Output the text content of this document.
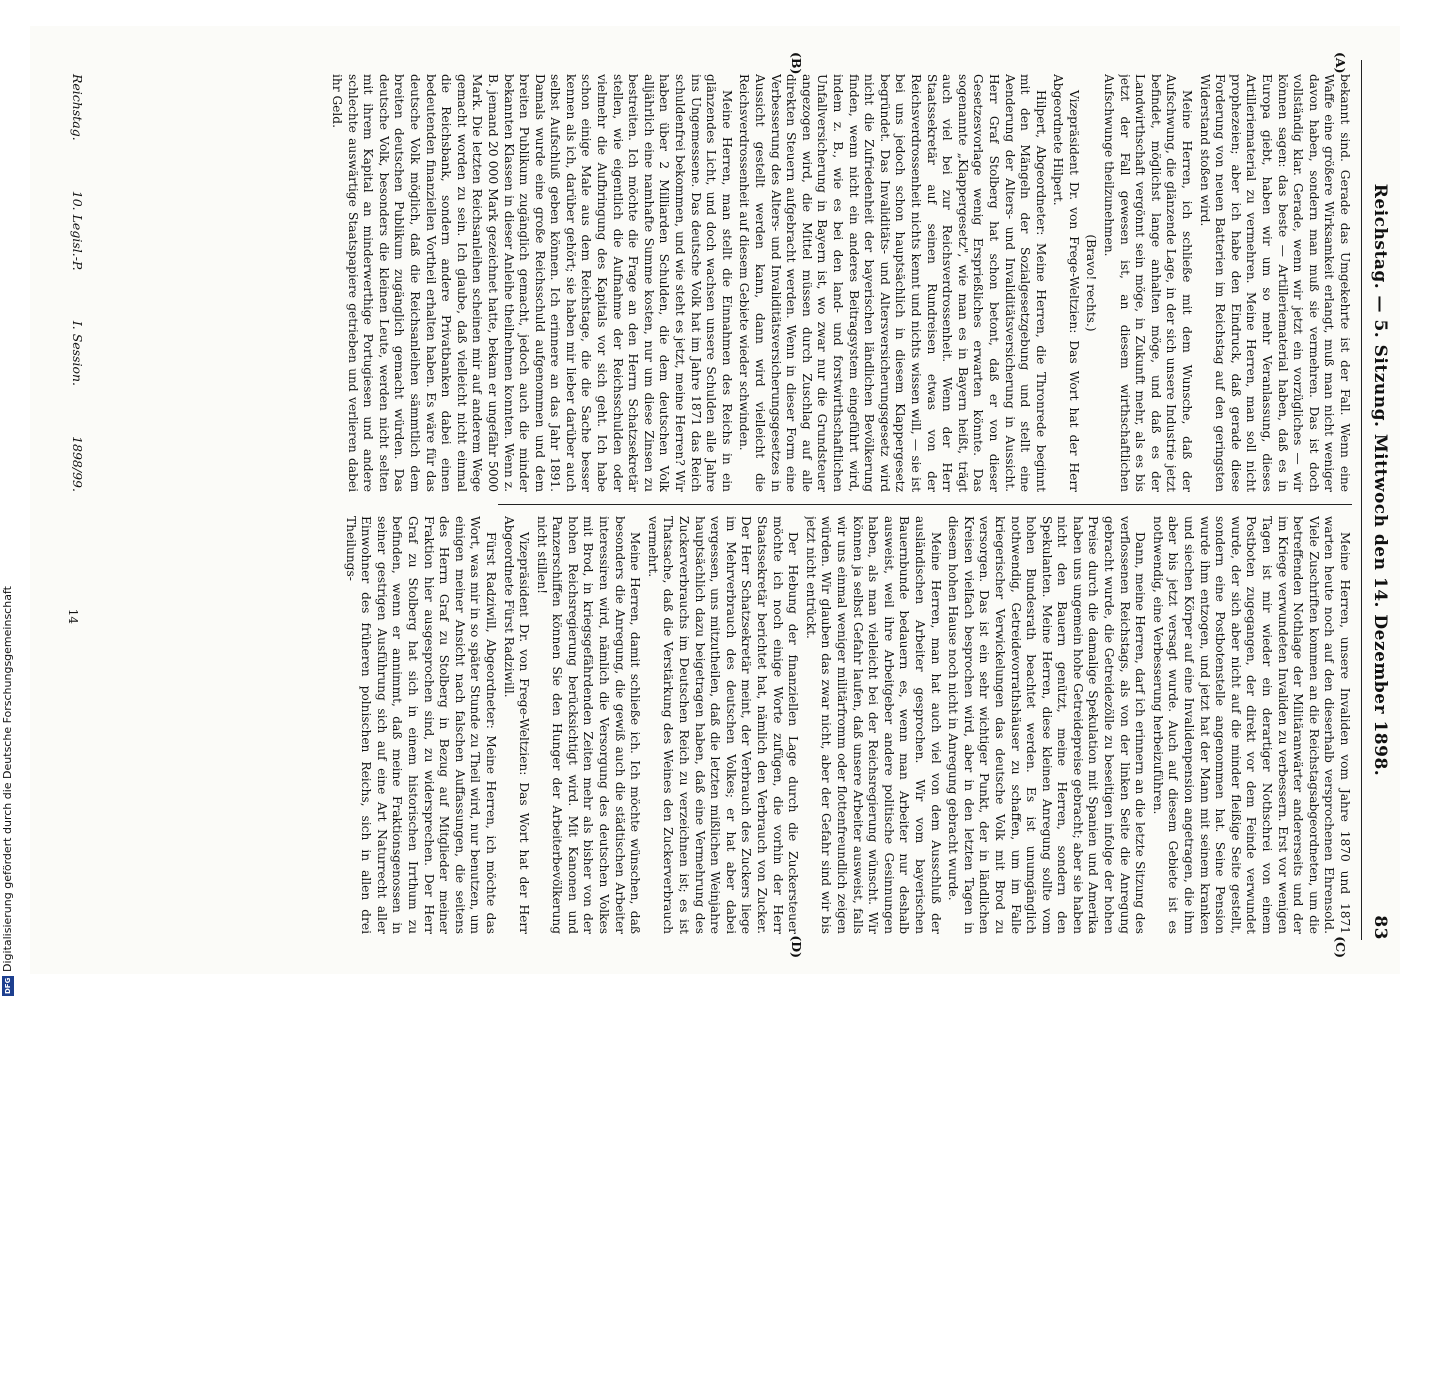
Digitalisierung gefördert durch die Deutsche Forschungsgemeinschaft
DFG
Reichstag. — 5. Sitzung. Mittwoch den 14. Dezember 1898.
83
(A)
(B)
(C)
(D)

bekannt sind. Gerade das Umgekehrte ist der Fall. Wenn eine Waffe eine größere Wirksamkeit erlangt, muß man nicht weniger davon haben, sondern man muß sie vermehren. Das ist doch vollständig klar. Gerade, wenn wir jetzt ein vorzügliches — wir können sagen: das beste — Artilleriematerial haben, daß es in Europa giebt, haben wir um so mehr Veranlassung, dieses Artilleriematerial zu vermehren. Meine Herren, man soll nicht prophezeien; aber ich habe den Eindruck, daß gerade diese Forderung von neuen Batterien im Reichstag auf den geringsten Widerstand stoßen wird.

Meine Herren, ich schließe mit dem Wunsche, daß der Aufschwung, die glänzende Lage, in der sich unsere Industrie jetzt befindet, möglichst lange anhalten möge, und daß es der Landwirthschaft vergönnt sein möge, in Zukunft mehr, als es bis jetzt der Fall gewesen ist, an diesem wirthschaftlichen Aufschwunge theilzunehmen.

(Bravo! rechts.)

Vizepräsident Dr. von Frege-Weltzien: Das Wort hat der Herr Abgeordnete Hilpert.

Hilpert, Abgeordneter: Meine Herren, die Thronrede beginnt mit den Mängeln der Sozialgesetzgebung und stellt eine Aenderung der Alters- und Invaliditätsversicherung in Aussicht. Herr Graf Stolberg hat schon betont, daß er von dieser Gesetzesvorlage wenig Ersprießliches erwarten könnte. Das sogenannte „Klappergesetz", wie man es in Bayern heißt, trägt auch viel bei zur Reichsverdrossenheit. Wenn der Herr Staatssekretär auf seinen Rundreisen etwas von der Reichsverdrossenheit nichts kennt und nichts wissen will, — sie ist bei uns jedoch schon hauptsächlich in diesem Klappergesetz begründet. Das Invaliditäts- und Altersversicherungsgesetz wird nicht die Zufriedenheit der bayerischen ländlichen Bevölkerung finden, wenn nicht ein anderes Beitragsystem eingeführt wird, indem z. B., wie es bei den land- und forstwirthschaftlichen Unfallversicherung in Bayern ist, wo zwar nur die Grundsteuer angezogen wird, die Mittel müssen durch Zuschlag auf alle direkten Steuern aufgebracht werden. Wenn in dieser Form eine Verbesserung des Alters- und Invaliditätsversicherungsgesetzes in Aussicht gestellt werden kann, dann wird vielleicht die Reichsverdrossenheit auf diesem Gebiete wieder schwinden.

Meine Herren, man stellt die Einnahmen des Reichs in ein glänzendes Licht, und doch wachsen unsere Schulden alle Jahre ins Ungemessene. Das deutsche Volk hat im Jahre 1871 das Reich schuldenfrei bekommen, und wie steht es jetzt, meine Herren? Wir haben über 2 Milliarden Schulden, die dem deutschen Volk alljährlich eine namhafte Summe kosten, nur um diese Zinsen zu bestreiten. Ich möchte die Frage an den Herrn Schatzsekretär stellen, wie eigentlich die Aufnahme der Reichsschulden oder vielmehr die Aufbringung des Kapitals vor sich geht. Ich habe schon einige Male aus dem Reichstage, die die Sache besser kennen als ich, darüber gehört; sie haben mir lieber darüber auch selbst Aufschluß geben können. Ich erinnere an das Jahr 1891. Damals wurde eine große Reichsschuld aufgenommen und dem breiten Publikum zugänglich gemacht, jedoch auch die minder bekannten Klassen in dieser Anleihe theilnehmen konnten. Wenn z. B. jemand 20 000 Mark gezeichnet hatte, bekam er ungefähr 5000 Mark. Die letzten Reichsanleihen scheinen mir auf anderem Wege gemacht worden zu sein. Ich glaube, daß vielleicht nicht einmal die Reichsbank, sondern andere Privatbanken dabei einen bedeutenden finanziellen Vortheil erhalten haben. Es wäre für das deutsche Volk möglich, daß die Reichsanleihen sämmtlich dem breiten deutschen Publikum zugänglich gemacht würden. Das deutsche Volk, besonders die kleinen Leute, werden nicht selten mit ihrem Kapital an minderwerthige Portugiesen und andere schlechte auswärtige Staatspapiere getrieben und verlieren dabei ihr Geld.

Meine Herren, unsere Invaliden vom Jahre 1870 und 1871 warten heute noch auf den dieserhalb versprochenen Ehrensold. Viele Zuschriften kommen an die Reichstagsabgeordneten, um die betreffenden Nothlage der Militäranwärter andererseits und der im Kriege verwundeten Invaliden zu verbessern. Erst vor wenigen Tagen ist mir wieder ein derartiger Nothschrei von einem Postboten zugegangen, der direkt vor dem Feinde verwundet wurde, der sich aber nicht auf die minder fleißige Seite gestellt, sondern eine Postbotenstelle angenommen hat. Seine Pension wurde ihm entzogen, und jetzt hat der Mann mit seinem kranken und siechen Körper auf eine Invalidenpension angetragen, die ihm aber bis jetzt versagt wurde. Auch auf diesem Gebiete ist es nothwendig, eine Verbesserung herbeizuführen.

Dann, meine Herren, darf ich erinnern an die letzte Sitzung des verflossenen Reichstags, als von der linken Seite die Anregung gebracht wurde, die Getreidezölle zu beseitigen infolge der hohen Preise durch die damalige Spekulation mit Spanien und Amerika haben uns ungemein hohe Getreidepreise gebracht; aber sie haben nicht den Bauern genützt, meine Herren, sondern den Spekulanten. Meine Herren, diese kleinen Anregung sollte vom hohen Bundesrath beachtet werden. Es ist unumgänglich nothwendig, Getreidevorrathshäuser zu schaffen, um im Falle kriegerischer Verwickelungen das deutsche Volk mit Brod zu versorgen. Das ist ein sehr wichtiger Punkt, der in ländlichen Kreisen vielfach besprochen wird, aber in den letzten Tagen in diesem hohen Hause noch nicht in Anregung gebracht wurde.

Meine Herren, man hat auch viel von dem Ausschluß der ausländischen Arbeiter gesprochen. Wir vom bayerischen Bauernbunde bedauern es, wenn man Arbeiter nur deshalb ausweist, weil ihre Arbeitgeber andere politische Gesinnungen haben, als man vielleicht bei der Reichsregierung wünscht. Wir können ja selbst Gefahr laufen, daß unsere Arbeiter ausweist, falls wir uns einmal weniger militärfromm oder flottenfreundlich zeigen würden. Wir glauben das zwar nicht, aber der Gefahr sind wir bis jetzt nicht entrückt.

Der Hebung der finanziellen Lage durch die Zuckersteuer möchte ich noch einige Worte zufügen, die vorhin der Herr Staatssekretär berichtet hat, nämlich den Verbrauch von Zucker. Der Herr Schatzsekretär meint, der Verbrauch des Zuckers liege im Mehrverbrauch des deutschen Volkes; er hat aber dabei vergessen, uns mitzutheilen, daß die letzten mißlichen Weinjahre hauptsächlich dazu beigetragen haben, daß eine Vermehrung des Zuckerverbrauchs im Deutschen Reich zu verzeichnen ist; es ist Thatsache, daß die Verstärkung des Weines den Zuckerverbrauch vermehrt.

Meine Herren, damit schließe ich. Ich möchte wünschen, daß besonders die Anregung, die gewiß auch die städtischen Arbeiter interessiren wird, nämlich die Versorgung des deutschen Volkes mit Brod, in kriegsgefährdenden Zeiten mehr als bisher von der hohen Reichsregierung berücksichtigt wird. Mit Kanonen und Panzerschiffen können Sie den Hunger der Arbeiterbevölkerung nicht stillen!

Vizepräsident Dr. von Frege-Weltzien: Das Wort hat der Herr Abgeordnete Fürst Radziwill.

Fürst Radziwill, Abgeordneter: Meine Herren, ich möchte das Wort, was mir in so später Stunde zu Theil wird, nur benutzen, um einigen meiner Ansicht nach falschen Auffassungen, die seitens des Herrn Graf zu Stolberg in Bezug auf Mitglieder meiner Fraktion hier ausgesprochen sind, zu widersprechen. Der Herr Graf zu Stolberg hat sich in einem historischen Irrthum zu befinden, wenn er annimmt, daß meine Fraktionsgenossen in seiner gestrigen Ausführung sich auf eine Art Naturrecht aller Einwohner des früheren polnischen Reichs, sich in allen drei Theilungs-

Reichstag.
10. Legisl.-P.
I. Session.
1898/99.
14
